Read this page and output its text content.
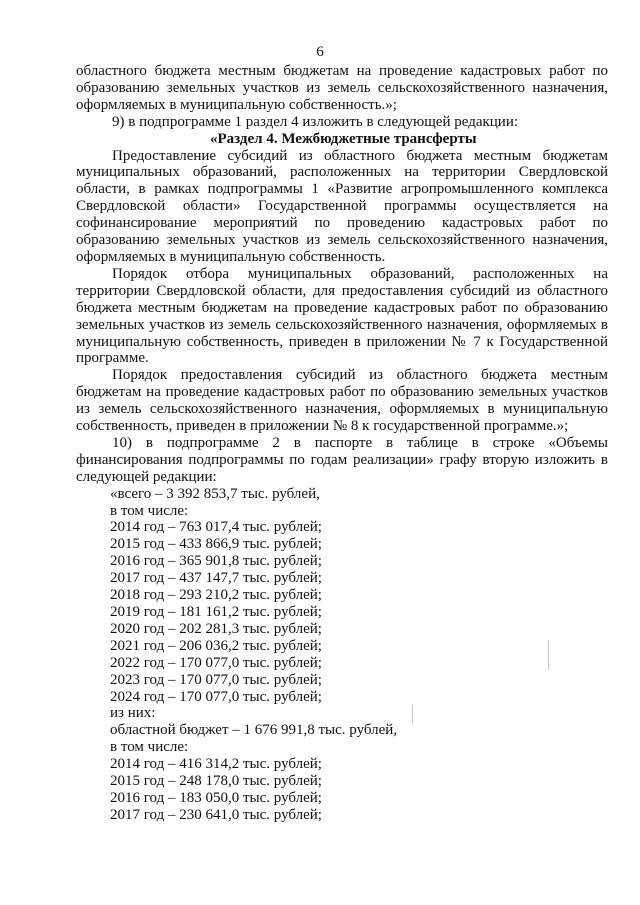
6

областного бюджета местным бюджетам на проведение кадастровых работ по образованию земельных участков из земель сельскохозяйственного назначения, оформляемых в муниципальную собственность.»;

9) в подпрограмме 1 раздел 4 изложить в следующей редакции:

«Раздел 4. Межбюджетные трансферты

Предоставление субсидий из областного бюджета местным бюджетам муниципальных образований, расположенных на территории Свердловской области, в рамках подпрограммы 1 «Развитие агропромышленного комплекса Свердловской области» Государственной программы осуществляется на софинансирование мероприятий по проведению кадастровых работ по образованию земельных участков из земель сельскохозяйственного назначения, оформляемых в муниципальную собственность.

Порядок отбора муниципальных образований, расположенных на территории Свердловской области, для предоставления субсидий из областного бюджета местным бюджетам на проведение кадастровых работ по образованию земельных участков из земель сельскохозяйственного назначения, оформляемых в муниципальную собственность, приведен в приложении № 7 к Государственной программе.

Порядок предоставления субсидий из областного бюджета местным бюджетам на проведение кадастровых работ по образованию земельных участков из земель сельскохозяйственного назначения, оформляемых в муниципальную собственность, приведен в приложении № 8 к государственной программе.»;

10) в подпрограмме 2 в паспорте в таблице в строке «Объемы финансирования подпрограммы по годам реализации» графу вторую изложить в следующей редакции:

«всего – 3 392 853,7 тыс. рублей,
в том числе:
2014 год – 763 017,4 тыс. рублей;
2015 год – 433 866,9 тыс. рублей;
2016 год – 365 901,8 тыс. рублей;
2017 год – 437 147,7 тыс. рублей;
2018 год – 293 210,2 тыс. рублей;
2019 год – 181 161,2 тыс. рублей;
2020 год – 202 281,3 тыс. рублей;
2021 год – 206 036,2 тыс. рублей;
2022 год – 170 077,0 тыс. рублей;
2023 год – 170 077,0 тыс. рублей;
2024 год – 170 077,0 тыс. рублей;
из них:
областной бюджет – 1 676 991,8 тыс. рублей,
в том числе:
2014 год – 416 314,2 тыс. рублей;
2015 год – 248 178,0 тыс. рублей;
2016 год – 183 050,0 тыс. рублей;
2017 год – 230 641,0 тыс. рублей;
